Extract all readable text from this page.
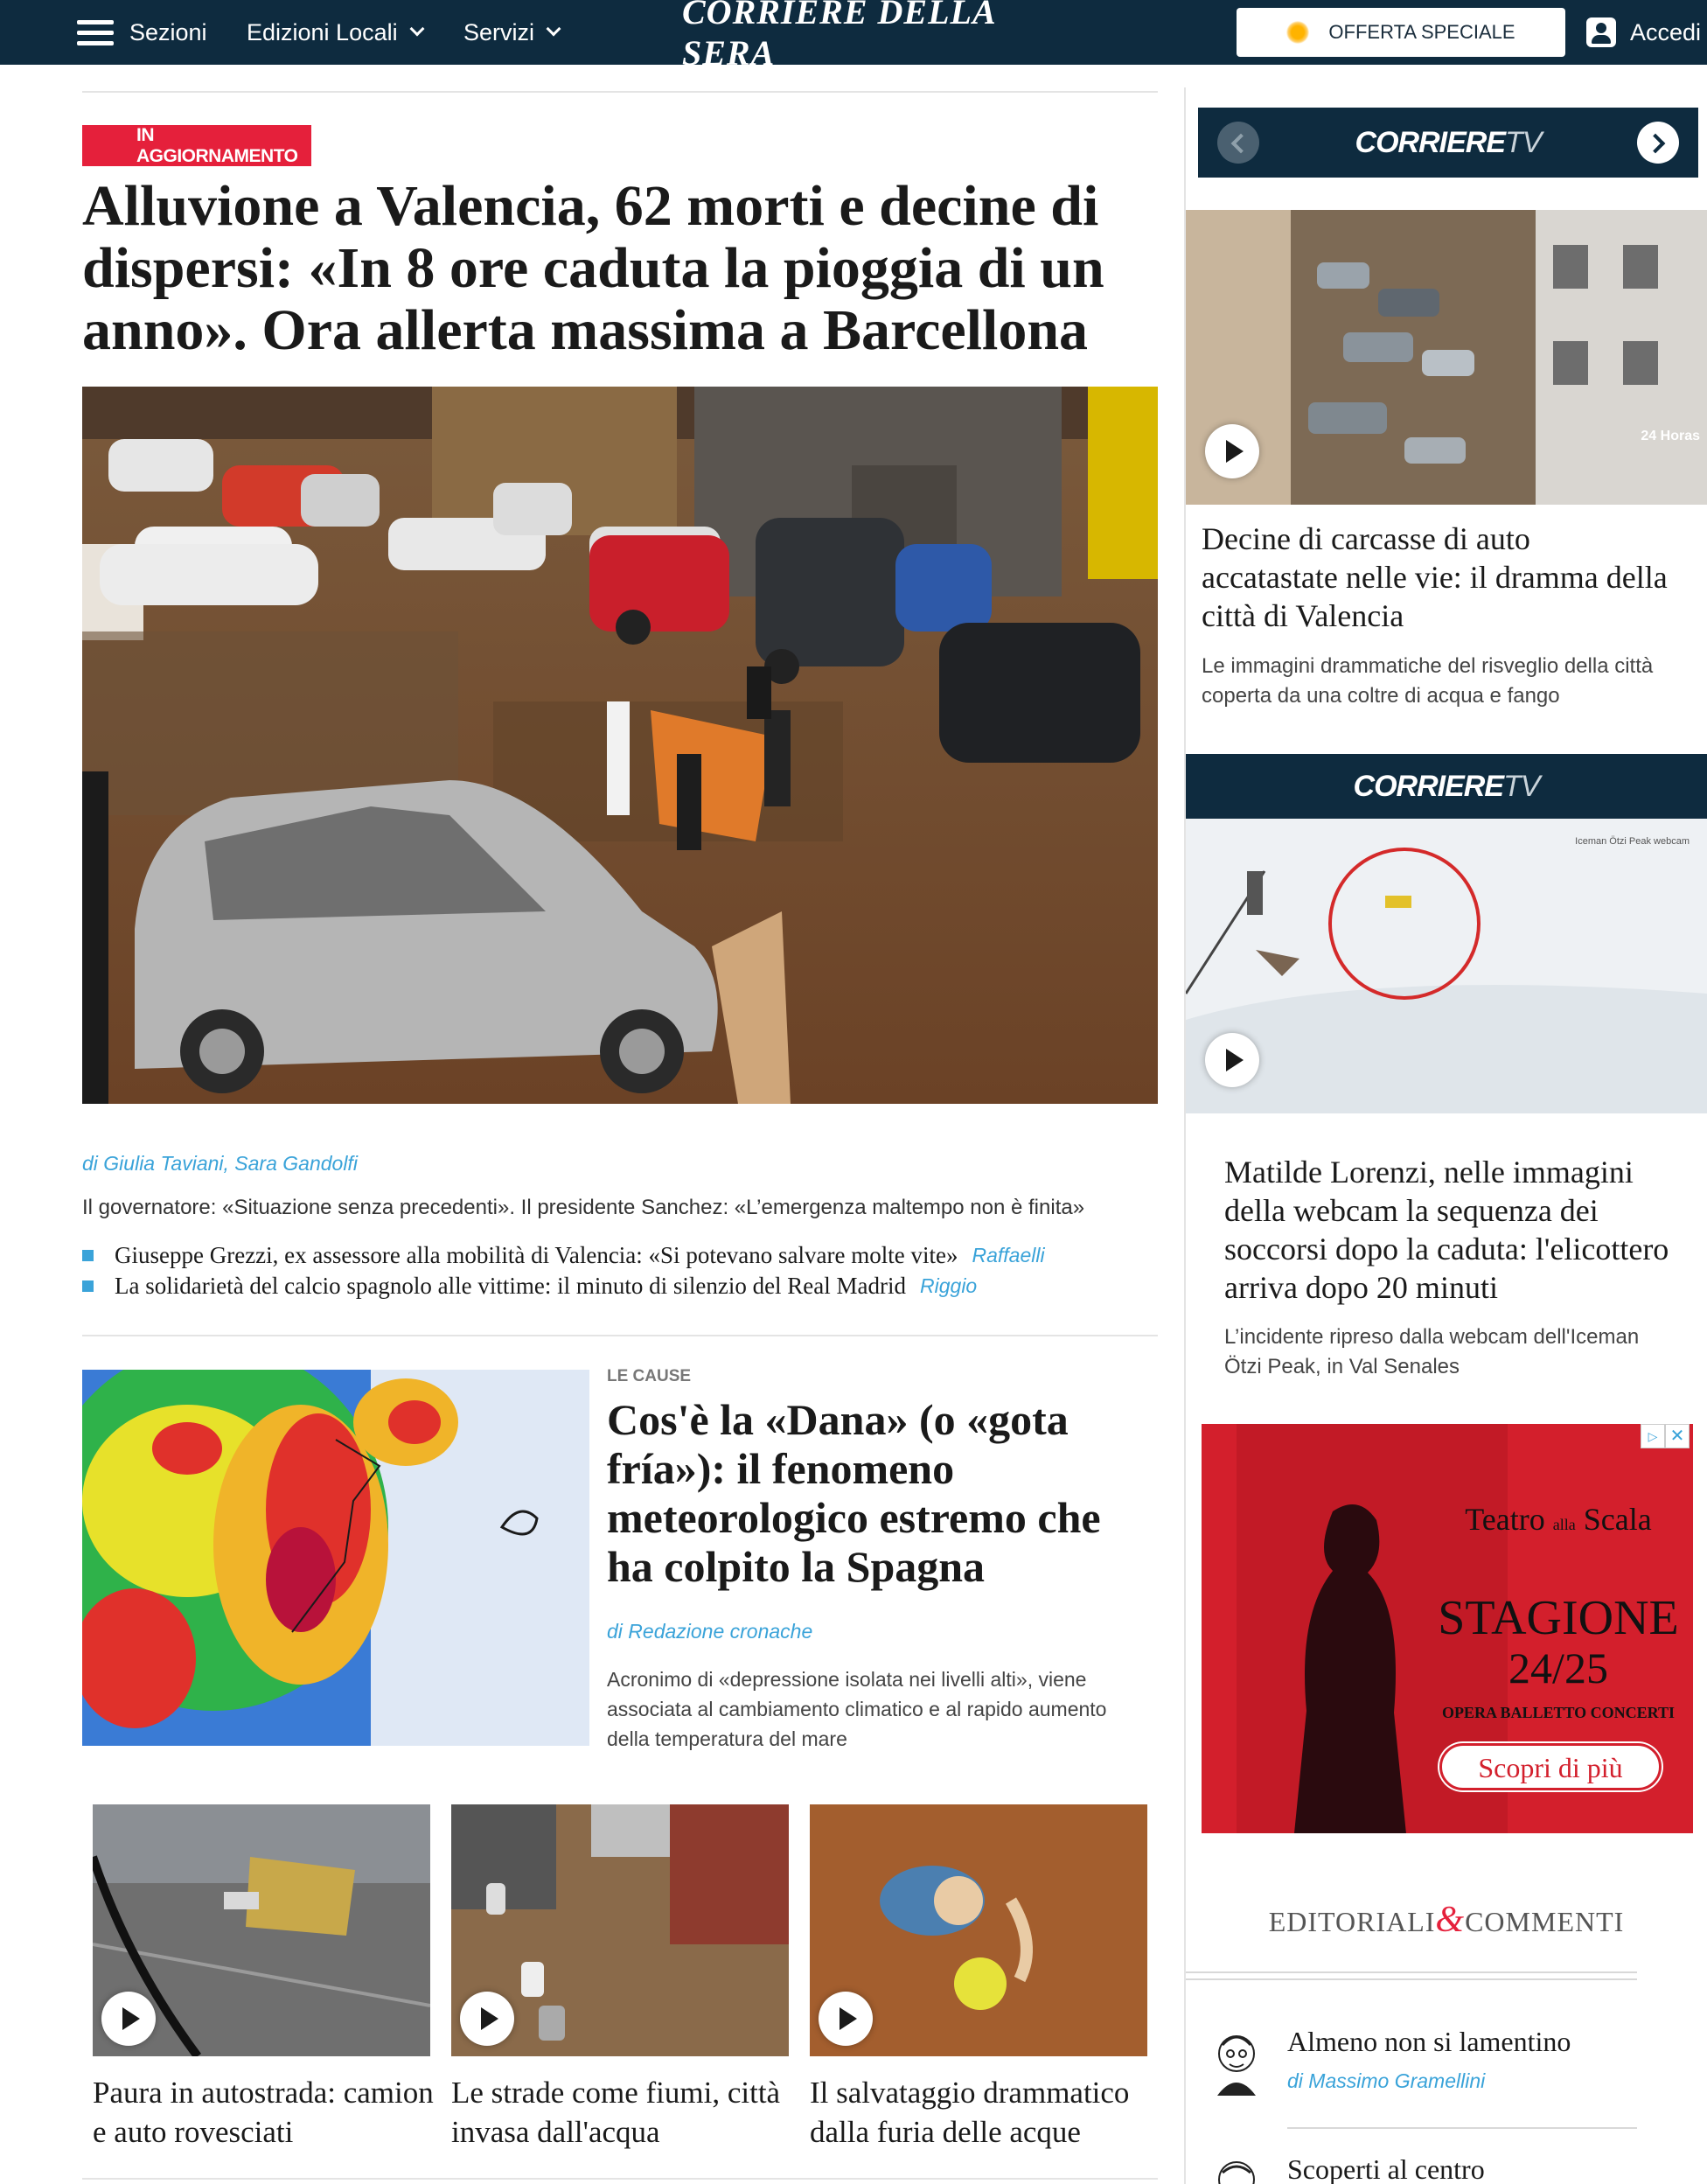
Sezioni Edizioni Locali	Servizi
CORRIERE DELLA SERA
OFFERTA SPECIALE	Accedi
IN AGGIORNAMENTO
Alluvione a Valencia, 62 morti e decine di dispersi: «In 8 ore caduta la pioggia di un anno». Ora allerta massima a Barcellona
di Giulia Taviani, Sara Gandolfi
Il governatore: «Situazione senza precedenti». Il presidente Sanchez: «L’emergenza maltempo non è finita»
Giuseppe Grezzi, ex assessore alla mobilità di Valencia: «Si potevano salvare molte vite» Raffaelli
La solidarietà del calcio spagnolo alle vittime: il minuto di silenzio del Real Madrid Riggio
LE CAUSE
Cos'è la «Dana» (o «gota fría»): il fenomeno meteorologico estremo che ha colpito la Spagna
di Redazione cronache
Acronimo di «depressione isolata nei livelli alti», viene associata al cambiamento climatico e al rapido aumento della temperatura del mare
Paura in autostrada: camion e auto rovesciati
Le strade come fiumi, città invasa dall'acqua
Il salvataggio drammatico dalla furia delle acque
CORRIERETV
24 Horas
Decine di carcasse di auto accatastate nelle vie: il dramma della città di Valencia
Le immagini drammatiche del risveglio della città coperta da una coltre di acqua e fango
CORRIERETV
Iceman Ötzi Peak webcam
Matilde Lorenzi, nelle immagini della webcam la sequenza dei soccorsi dopo la caduta: l'elicottero arriva dopo 20 minuti
L’incidente ripreso dalla webcam dell'Iceman Ötzi Peak, in Val Senales
Teatro alla Scala
STAGIONE
24/25
OPERA BALLETTO CONCERTI
Scopri di più
▷ ✕
EDITORIALI&COMMENTI
Almeno non si lamentino
di Massimo Gramellini
Scoperti al centro
